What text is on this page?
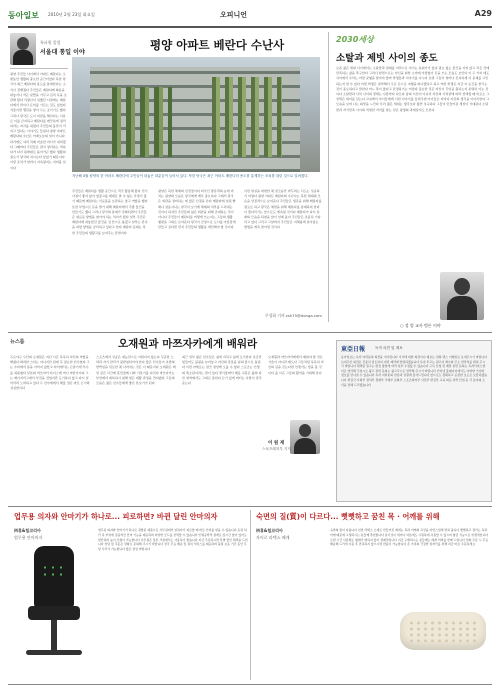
동아일보 2010년 2월 23일 화요일	오피니언	A29
특파원 칼럼
서울대 통일 이야
평양 주민들 사이에서 아파트 베란다는 오랫동안 생활의 중요한 공간이었다 북한 당국이 최근 베란다의 용도를 통제한다는 소식이 전해졌다 주민들은 베란다에 화분을 내놓거나 작은 텃밭을 가꾸고 김치 독을 보관해 왔다 식량난이 심했던 시절에는 베란다에서 닭이나 토끼를 기르는 집도 있었다 겨울이면 땔감을 쌓아 두는 곳이기도 했다 그러나 당국은 도시 미관을 해친다는 이유로 이를 금지하고 베란다를 깨끗하게 정리하라는 지시를 내렸다 주민들의 불만이 커지고 있다는 이야기도 들린다 평양 아파트 베란다의 수난은 어제오늘의 일이 아니다 과거에도 여러 차례 비슷한 지시가 내려졌다 그때마다 주민들은 잠시 정리하는 척하다가 다시 원래대로 돌아가곤 했다 생활의 필요가 당국의 지시보다 앞섰기 때문이다 이번 조치가 얼마나 지속될지는 지켜볼 일이다
평양 아파트 베란다 수난사
지난해 4월 평양의 한 아파트 베란다에 주민들이 내놓은 화분들이 늘어서 있다. 북한 당국은 최근 아파트 베란다의 용도를 통제하는 조치를 내린 것으로 알려졌다.
주민들은 베란다를 생활 공간으로 적극 활용해 왔다 전기 사정이 좋지 않아 냉장고를 제대로 쓸 수 없는 가정이 많기 때문에 베란다는 식료품을 보관하는 창고 역할을 했다 또한 부업으로 돈을 벌기 위해 베란다에서 각종 물건을 만들기도 했다 그러나 당국의 통제가 강화되면서 주민들은 새로운 방법을 찾아야 하는 처지가 됐다 일부 주민은 베란다에 내놓았던 물건을 집 안으로 옮겼고 일부는 단속을 피할 방법을 궁리하고 있다고 한다 베란다 문제는 북한 주민들의 생활고를 보여주는 단면이다
평양은 북한 체제의 선전장이다 외국인 방문객의 눈에 비치는 평양의 모습은 당국에게 매우 중요하다 그래서 당국은 외관을 정비하는 데 많은 신경을 쓴다 베란다에 널린 빨래나 잡동사니는 당국이 보기에 체제의 치부를 드러내는 것이다 하지만 주민들의 삶은 외관을 위해 존재하는 것이 아니다 주민들이 베란다를 어떻게 쓰는지는 그들의 생활 형편을 그대로 보여준다 당국이 진정으로 도시를 아름답게 만들고 싶다면 먼저 주민들의 생활을 개선해야 할 것이다
이런 현실을 외면한 채 겉모습만 바꾸려는 시도는 성공하기 어렵다 평양 아파트 베란다의 수난사는 북한 체제의 모순을 상징적으로 보여준다 주민들은 생존을 위해 베란다를 필요로 하고 당국은 체면을 위해 베란다를 통제하려 한다 이 줄다리기는 앞으로도 계속될 것이다 베란다가 다시 본래의 모습을 되찾을 날이 언제 올지 주민들은 조용히 기다리고 있다 그리고 그날까지 주민들은 지혜롭게 살아남는 방법을 계속 찾아낼 것이다
주성하 기자 zsh75@donga.com
2030세상
소탈과 제빗 사이의 종도
요즘 젊은 세대 사이에서는 소탈함과 절제를 미덕으로 여기는 분위기가 있다 필요 없는 물건을 사지 않고 작은 것에 만족하는 삶을 추구한다 그러나 한편으로는 자신을 위한 소비에 아낌없이 돈을 쓰는 모습도 보인다 이 두 가지 태도 사이에서 우리는 어떤 균형을 찾아야 할까 학생들과 이야기를 나누다 보면 그들이 얼마나 진지하게 이 문제를 고민하는지 알 수 있다 어떤 학생은 절약해서 모은 돈으로 여행을 떠나겠다고 하고 어떤 학생은 지금 이 순간을 즐기는 것이 중요하다고 말한다 어느 쪽이 옳다고 단정하기는 어렵다 중요한 것은 자신이 무엇을 원하는지 분명히 아는 것이다 소탈함과 사치 사이의 경계는 사람마다 다르다 남의 시선이 아니라 자신의 가치관에 따라 선택할 때 비로소 그 선택은 의미를 갖는다 교실에서 아이들에게 이런 이야기를 들려주면 아이들은 저마다 자신의 생각을 이야기한다 그 모습을 보며 나는 희망을 느낀다 우리 젊은 세대는 생각보다 훨씬 성숙하다 그들이 만들어갈 세상이 기대된다 소탈함과 자기만족 사이의 적절한 거리를 찾는 일은 평생의 과제일지도 모른다
○ 성 엄 교사 범론 이야
뉴스룸	오재원과 마쯔자카에게 배워라
프로야구 두산의 오재원은 지난 시즌 묵묵히 자신의 역할을 해냈다 화려한 스타는 아니지만 팀에 꼭 필요한 선수였다 그는 수비에서 몸을 아끼지 않았고 타석에서는 끈질기게 투수를 괴롭혔다 일본의 마쓰자카 다이스케 역시 마찬가지다 그는 메이저리그에서 부진을 겪었지만 포기하지 않고 다시 일어서려 노력하고 있다 두 선수에게서 배울 점은 바로 끈기와 성실함이다
스포츠에서 성공은 재능만으로 이뤄지지 않는다 꾸준한 노력과 자기 관리가 뒷받침되어야 한다 많은 선수들이 초반의 반짝임을 뒤로한 채 사라지는 것은 이 때문이다 오재원은 매일 같은 시간에 훈련장에 나와 기본기를 다진다 마쓰자카는 부상에서 회복하기 위해 힘든 재활 과정을 견뎌냈다 그들의 모습은 젊은 선수들에게 좋은 본보기가 된다
최근 일부 젊은 선수들은 쉽게 지치고 쉽게 포기한다 조금만 힘들어도 불평을 늘어놓고 자신의 잘못을 남의 탓으로 돌린다 이런 자세로는 결코 정상에 오를 수 없다 스포츠는 인생의 축소판이라는 말이 있다 경기장에서 배운 교훈은 삶의 다른 영역에서도 그대로 통한다 끈기 있게 버티는 사람이 결국 웃는다
오재원과 마쓰자카에게서 배워야 할 것은 기술이 아니라 태도다 그들처럼 묵묵히 자신의 길을 걷는다면 언젠가는 빛을 볼 것이다 올 시즌 그들의 활약을 기대해 본다
이 원 재
스포츠레저부 기자
東亞日報	독자 의견 및 제보
동아일보는 독자 여러분의 의견을 기다립니다 기사에 대한 의견이나 제보는 전화 팩스 이메일로 보내주시기 바랍니다 보내주신 의견은 신중히 검토하여 지면 제작에 반영하겠습니다 독자 투고는 원고지 매수와 주소 연락처를 밝혀 주시기 바랍니다 채택된 원고는 편집 방침에 따라 일부 수정될 수 있습니다 구독 신청 및 배달 관련 문의는 독자서비스센터로 연락해 주십시오 광고 관련 문의는 광고국으로 연락해 주시기 바랍니다 인터넷 홈페이지에서도 다양한 기사와 정보를 만나실 수 있습니다 독자 여러분의 관심과 성원에 감사드립니다 앞으로도 정확하고 공정한 보도로 보답하겠습니다 편집국 사회부 정치부 경제부 국제부 문화부 스포츠레저부 사진부 편집부 교육 의료 과학 산업 등 각 분야의 소식을 전해 드리겠습니다
업무용 의자와 안마기가 하나로... 피로하면? 바뀐 달린 안마의자
㈜휴&힐코리아
업무용 안마의자
업무용 의자와 안마기가 하나로 결합된 제품으로 사무실에서 일하다가 피로할 때 바로 안마를 받을 수 있습니다 등과 허리 목 부위에 집중적인 안마 기능을 제공하며 다양한 모드를 선택할 수 있습니다 인체공학적 설계로 장시간 앉아 있어도 편안하며 높이 조절이 가능합니다 사무실은 물론 가정에서도 사용하기 좋습니다 지금 주문하시면 특별 할인 혜택을 드립니다 상담 및 주문은 전화로 문의해 주시기 바랍니다 전국 무료 배송 및 설치 서비스를 제공하며 품질 보증 기간 동안 무상 수리가 가능합니다 많은 관심 바랍니다
숙면의 질(質)이 다르다... 뻣뻣하고 꿈친 목 · 어깨를 위해
㈜휴&힐코리아
자이로 라텍스 베개
숙면의 질이 다릅니다 천연 라텍스 소재로 만들어진 베개는 목과 어깨의 곡선을 자연스럽게 받쳐 줍니다 뻣뻣하고 결리는 목과 어깨 때문에 고생하시는 분들께 추천합니다 통기성이 뛰어나 여름에도 시원하게 사용할 수 있으며 항균 기능으로 위생적입니다 오랜 시간 사용해도 형태가 변하지 않아 경제적입니다 지금 구매하시는 분들께는 베개 커버를 함께 드립니다 전화 주문 시 무료 배송해 드리며 사용 후 만족하지 않으시면 반품이 가능합니다 온 가족의 건강한 잠자리를 위해 지금 바로 주문하세요
